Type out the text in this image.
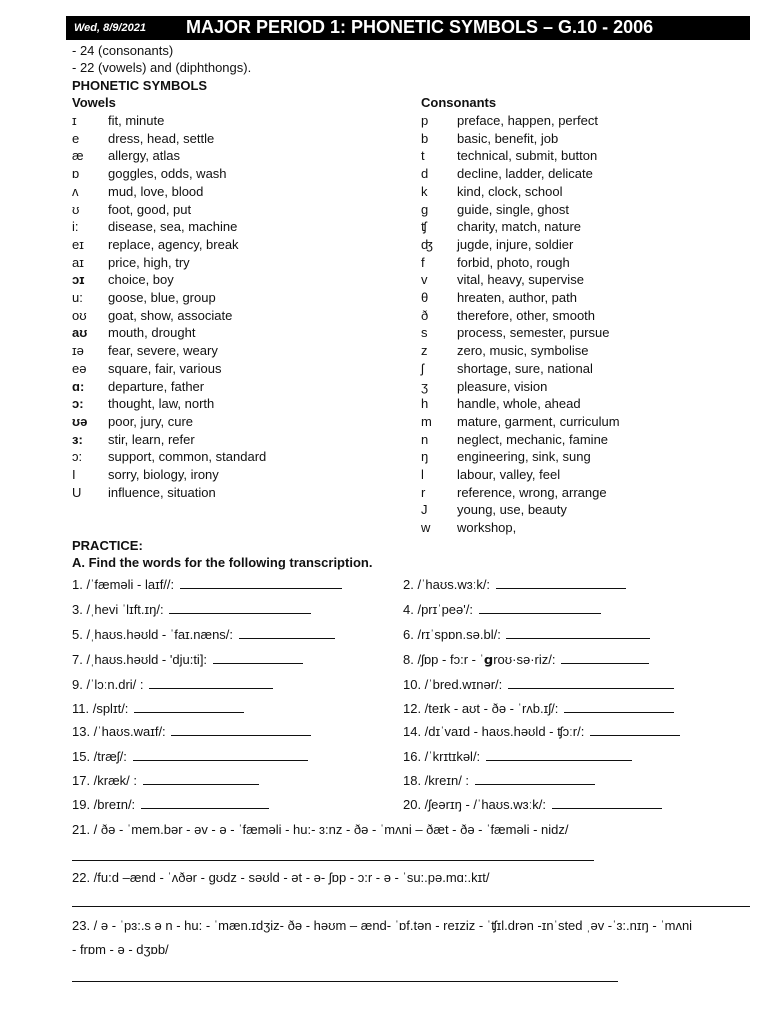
Wed, 8/9/2021 MAJOR PERIOD 1: PHONETIC SYMBOLS – G.10 - 2006
- 24 (consonants)
- 22 (vowels) and (diphthongs).
PHONETIC SYMBOLS
Vowels	Consonants
ɪ fit, minute
e dress, head, settle
æ allergy, atlas
ɒ goggles, odds, wash
ʌ mud, love, blood
ʊ foot, good, put
i: disease, sea, machine
eɪ replace, agency, break
aɪ price, high, try
ɔɪ choice, boy
u: goose, blue, group
oʊ goat, show, associate
aʊ mouth, drought
ɪə fear, severe, weary
eə square, fair, various
ɑ: departure, father
ɔ: thought, law, north
ʊə poor, jury, cure
ɜ: stir, learn, refer
ɔ: support, common, standard
I sorry, biology, irony
U influence, situation
p preface, happen, perfect
b basic, benefit, job
t technical, submit, button
d decline, ladder, delicate
k kind, clock, school
ɡ guide, single, ghost
ʧ charity, match, nature
ʤ jugde, injure, soldier
f forbid, photo, rough
v vital, heavy, supervise
θ hreaten, author, path
ð therefore, other, smooth
s process, semester, pursue
z zero, music, symbolise
ʃ	shortage, sure, national
ʒ pleasure, vision
h handle, whole, ahead
m mature, garment, curriculum
n neglect, mechanic, famine
ŋ engineering, sink, sung
l	labour, valley, feel
r reference, wrong, arrange
J young, use, beauty
w workshop,
PRACTICE:
A. Find the words for the following transcription.
1. /ˈfæməli - laɪf//:
3. /ˌhevi ˈlɪft.ɪŋ/:
5. /ˌhaʊs.həʊld - ˈfaɪ.næns/:
7. /ˌhaʊs.həʊld - 'dju:ti]:
9. /ˈlɔːn.dri/ :
11. /splɪt/:
13. /ˈhaʊs.waɪf/:
15. /træʃ/:
17. /kræk/ :
19. /breɪn/:
2. /ˈhaʊs.wɜːk/:
4. /prɪˈpeə'/:
6. /rɪˈspɒn.sə.bl/:
8. /ʃɒp - fɔ:r - ˈ𝗴roʊ·sə·riz/:
10. /ˈbred.wɪnər/:
12. /teɪk - aʊt - ðə - ˈrʌb.ɪʃ/:
14. /dɪˈvaɪd - haʊs.həʊld - ʧɔːr/:
16. /ˈkrɪtɪkəl/:
18. /kreɪn/ :
20. /ʃeərɪŋ - /ˈhaʊs.wɜːk/:
21. / ðə - ˈmem.bər - əv - ə - ˈfæməli - hu:- ɜ:nz - ðə - ˈmʌni – ðæt - ðə - ˈfæməli - nidz/
22. /fu:d –ænd - ˈʌðər - ɡʊdz - səʊld - ət - ə- ʃɒp - ɔ:r - ə - ˈsu:.pə.mɑ:.kɪt/
23. / ə - ˈpɜ:.s ə n - hu: - ˈmæn.ɪdʒiz- ðə - həʊm – ænd- ˈɒf.tən - reɪziz - ˈʧɪl.drən -ɪnˈsted ˌəv -ˈɜ:.nɪŋ - ˈmʌni
- frɒm - ə - dʒɒb/
